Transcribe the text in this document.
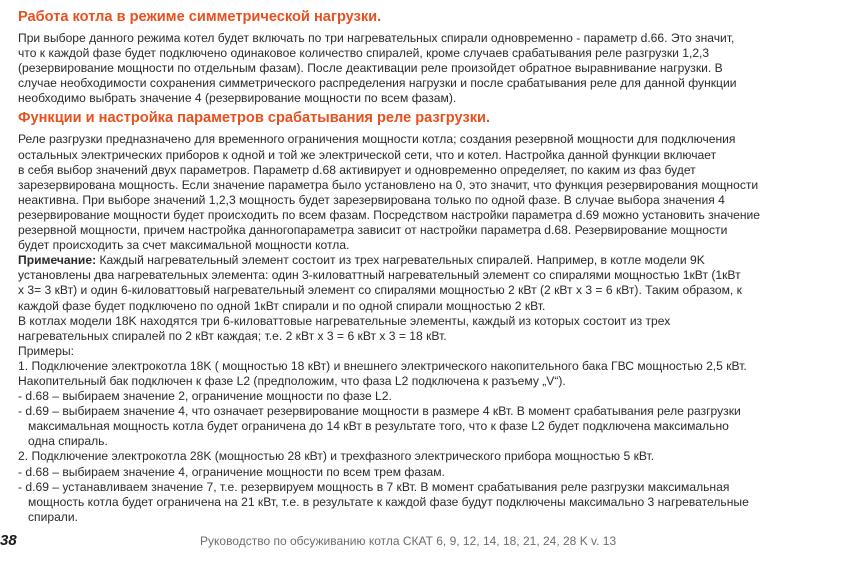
Работа котла в режиме симметрической нагрузки.
При выборе данного режима котел будет включать по три нагревательных спирали одновременно - параметр d.66. Это значит,
что к каждой фазе будет подключено одинаковое количество спиралей, кроме случаев срабатывания реле разгрузки 1,2,3
(резервирование мощности по отдельным фазам). После деактивации реле произойдет обратное выравнивание нагрузки. В
случае необходимости сохранения симметрического распределения нагрузки и после срабатывания реле для данной функции
необходимо выбрать значение 4 (резервирование мощности по всем фазам).
Функции и настройка параметров срабатывания реле разгрузки.
Реле разгрузки предназначено для временного ограничения мощности котла; создания резервной мощности для подключения
остальных электрических приборов к одной и той же электрической сети, что и котел. Настройка данной функции включает
в себя выбор значений двух параметров. Параметр d.68 активирует и одновременно определяет, по каким из фаз будет
зарезервирована мощность. Если значение параметра было установлено на 0, это значит, что функция резервирования мощности
неактивна. При выборе значений 1,2,3 мощность будет зарезервирована только по одной фазе. В случае выбора значения 4
резервирование мощности будет происходить по всем фазам. Посредством настройки параметра d.69 можно установить значение
резервной мощности, причем настройка данногопараметра зависит от настройки параметра d.68. Резервирование мощности
будет происходить за счет максимальной мощности котла.
Примечание: Каждый нагревательный элемент состоит из трех нагревательных спиралей. Например, в котле модели 9K
установлены два нагревательных элемента: один 3-киловаттный нагревательный элемент со спиралями мощностью 1кВт (1кВт
х 3= 3 кВт) и один 6-киловаттовый нагревательный элемент со спиралями мощностью 2 кВт (2 кВт х 3 = 6 кВт). Таким образом, к
каждой фазе будет подключено по одной 1кВт спирали и по одной спирали мощностью 2 кВт.
В котлах модели 18K находятся три 6-киловаттовые нагревательные элементы, каждый из которых состоит из трех
нагревательных спиралей по 2 кВт каждая; т.е. 2 кВт х 3 = 6 кВт х 3 = 18 кВт.
Примеры:
1. Подключение электрокотла 18K ( мощностью 18 кВт) и внешнего электрического накопительного бака ГВС мощностью 2,5 кВт.
Накопительный бак подключен к фазе L2 (предположим, что фаза L2 подключена к разъему „V“).
- d.68 – выбираем значение 2, ограничение мощности по фазе L2.
- d.69 – выбираем значение 4, что означает резервирование мощности в размере 4 кВт. В момент срабатывания реле разгрузки
максимальная мощность котла будет ограничена до 14 кВт в результате того, что к фазе L2 будет подключена максимально
одна спираль.
2. Подключение электрокотла 28K (мощностью 28 кВт) и трехфазного электрического прибора мощностью 5 кВт.
- d.68 – выбираем значение 4, ограничение мощности по всем трем фазам.
- d.69 – устанавливаем значение 7, т.е. резервируем мощность в 7 кВт. В момент срабатывания реле разгрузки максимальная
мощность котла будет ограничена на 21 кВт, т.е. в результате к каждой фазе будут подключены максимально 3 нагревательные
спирали.
38	Руководство по обсуживанию котла СКАТ 6, 9, 12, 14, 18, 21, 24, 28 K v. 13
